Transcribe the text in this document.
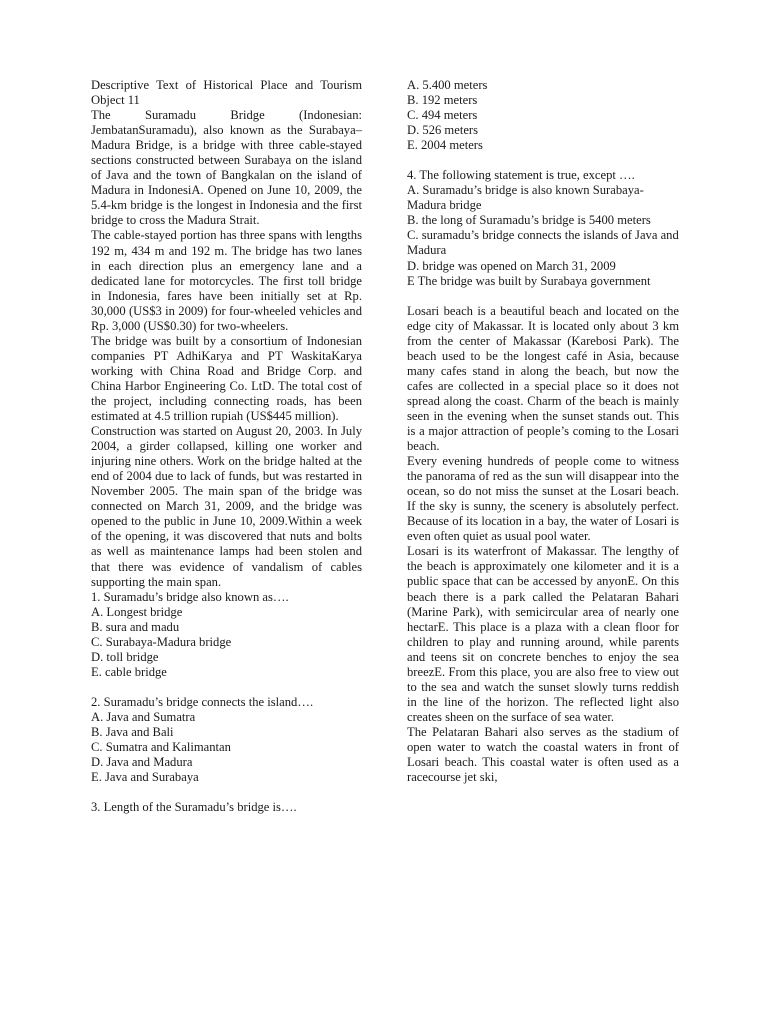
Descriptive Text of Historical Place and Tourism Object 11

The Suramadu Bridge (Indonesian: JembatanSuramadu), also known as the Surabaya–Madura Bridge, is a bridge with three cable-stayed sections constructed between Surabaya on the island of Java and the town of Bangkalan on the island of Madura in IndonesiA. Opened on June 10, 2009, the 5.4-km bridge is the longest in Indonesia and the first bridge to cross the Madura Strait.

The cable-stayed portion has three spans with lengths 192 m, 434 m and 192 m. The bridge has two lanes in each direction plus an emergency lane and a dedicated lane for motorcycles. The first toll bridge in Indonesia, fares have been initially set at Rp. 30,000 (US$3 in 2009) for four-wheeled vehicles and Rp. 3,000 (US$0.30) for two-wheelers.

The bridge was built by a consortium of Indonesian companies PT AdhiKarya and PT WaskitaKarya working with China Road and Bridge Corp. and China Harbor Engineering Co. LtD. The total cost of the project, including connecting roads, has been estimated at 4.5 trillion rupiah (US$445 million).

Construction was started on August 20, 2003. In July 2004, a girder collapsed, killing one worker and injuring nine others. Work on the bridge halted at the end of 2004 due to lack of funds, but was restarted in November 2005. The main span of the bridge was connected on March 31, 2009, and the bridge was opened to the public in June 10, 2009.Within a week of the opening, it was discovered that nuts and bolts as well as maintenance lamps had been stolen and that there was evidence of vandalism of cables supporting the main span.

1. Suramadu’s bridge also known as….

A. Longest bridge

B. sura and madu

C. Surabaya-Madura bridge

D. toll bridge

E. cable bridge

2. Suramadu’s bridge connects the island….

A. Java and Sumatra

B. Java and Bali

C. Sumatra and Kalimantan

D. Java and Madura

E. Java and Surabaya

3. Length of the Suramadu’s bridge is….

A. 5.400 meters

B. 192 meters

C. 494 meters

D. 526 meters

E. 2004 meters

4. The following statement is true, except ….

A. Suramadu’s bridge is also known Surabaya-Madura bridge

B. the long of Suramadu’s bridge is 5400 meters

C. suramadu’s bridge connects the islands of Java and Madura

D. bridge was opened on March 31, 2009

E The bridge was built by Surabaya government

Losari beach is a beautiful beach and located on the edge city of Makassar. It is located only about 3 km from the center of Makassar (Karebosi Park). The beach used to be the longest café in Asia, because many cafes stand in along the beach, but now the cafes are collected in a special place so it does not spread along the coast. Charm of the beach is mainly seen in the evening when the sunset stands out. This is a major attraction of people’s coming to the Losari beach.

Every evening hundreds of people come to witness the panorama of red as the sun will disappear into the ocean, so do not miss the sunset at the Losari beach. If the sky is sunny, the scenery is absolutely perfect. Because of its location in a bay, the water of Losari is even often quiet as usual pool water.

Losari is its waterfront of Makassar. The lengthy of the beach is approximately one kilometer and it is a public space that can be accessed by anyonE. On this beach there is a park called the Pelataran Bahari (Marine Park), with semicircular area of nearly one hectarE. This place is a plaza with a clean floor for children to play and running around, while parents and teens sit on concrete benches to enjoy the sea breezE. From this place, you are also free to view out to the sea and watch the sunset slowly turns reddish in the line of the horizon. The reflected light also creates sheen on the surface of sea water.

The Pelataran Bahari also serves as the stadium of open water to watch the coastal waters in front of Losari beach. This coastal water is often used as a racecourse jet ski,
